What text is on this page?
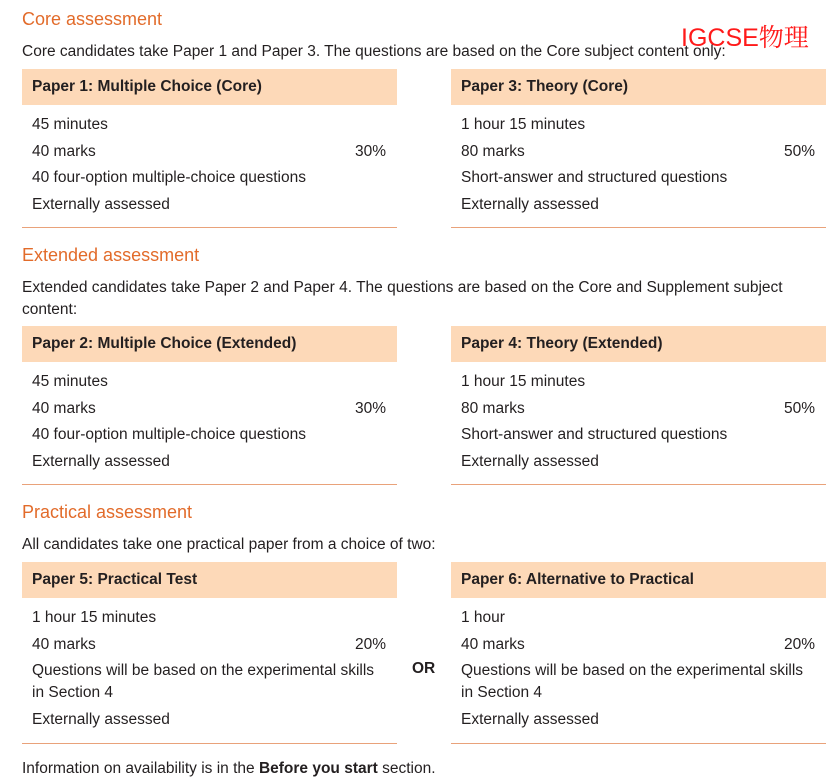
IGCSE物理
Core assessment
Core candidates take Paper 1 and Paper 3. The questions are based on the Core subject content only:
Paper 1: Multiple Choice (Core)
45 minutes
40 marks	30%
40 four-option multiple-choice questions
Externally assessed
Paper 3: Theory (Core)
1 hour 15 minutes
80 marks	50%
Short-answer and structured questions
Externally assessed
Extended assessment
Extended candidates take Paper 2 and Paper 4. The questions are based on the Core and Supplement subject content:
Paper 2: Multiple Choice (Extended)
45 minutes
40 marks	30%
40 four-option multiple-choice questions
Externally assessed
Paper 4: Theory (Extended)
1 hour 15 minutes
80 marks	50%
Short-answer and structured questions
Externally assessed
Practical assessment
All candidates take one practical paper from a choice of two:
Paper 5: Practical Test
1 hour 15 minutes
40 marks	20%
Questions will be based on the experimental skills in Section 4
Externally assessed
OR
Paper 6: Alternative to Practical
1 hour
40 marks	20%
Questions will be based on the experimental skills in Section 4
Externally assessed
Information on availability is in the Before you start section.
